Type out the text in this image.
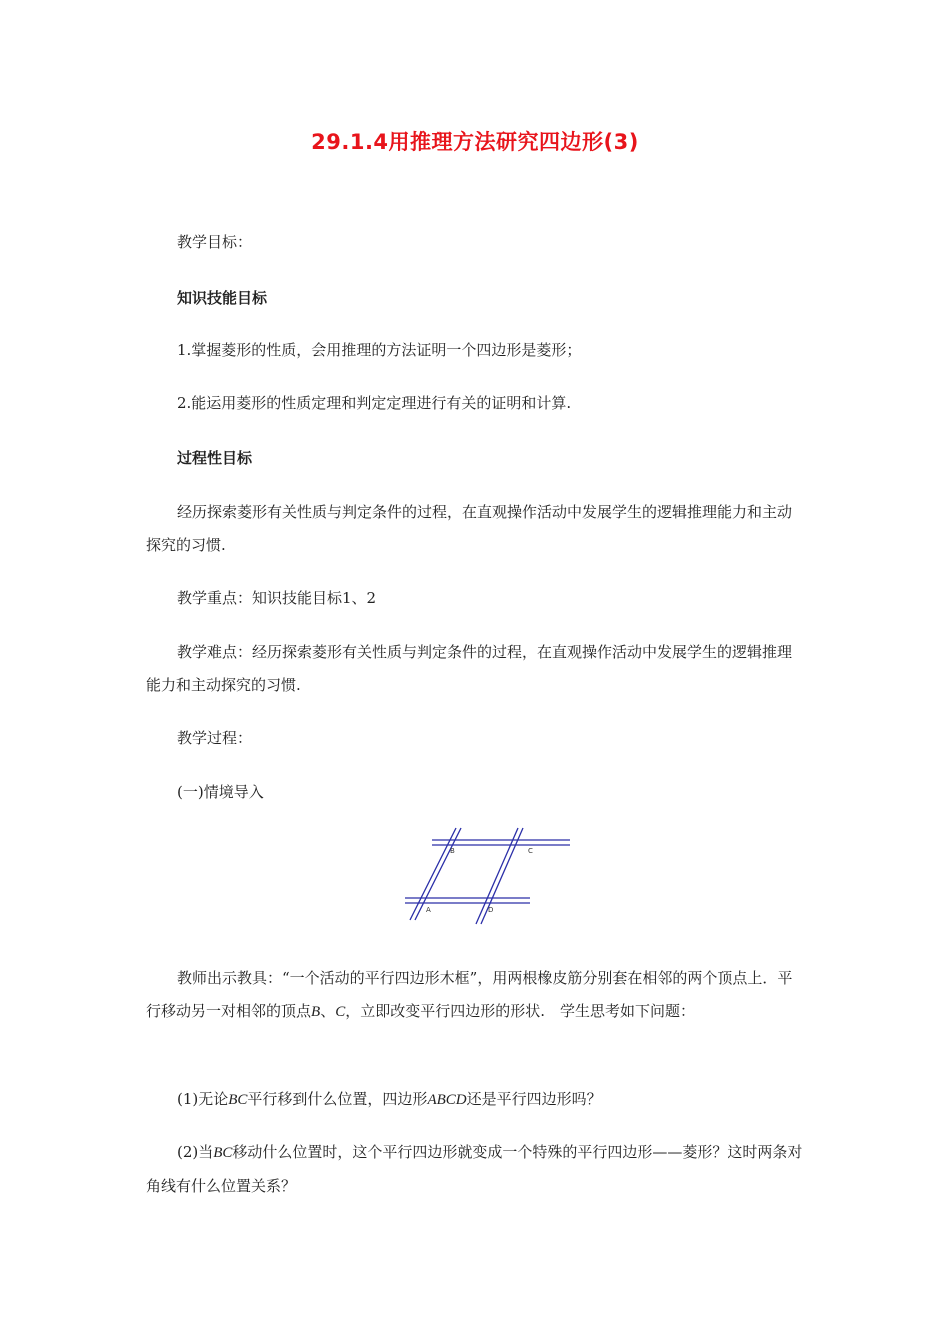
29.1.4用推理方法研究四边形(3)
教学目标：
知识技能目标
1.掌握菱形的性质，会用推理的方法证明一个四边形是菱形；
2.能运用菱形的性质定理和判定定理进行有关的证明和计算.
过程性目标
经历探索菱形有关性质与判定条件的过程，在直观操作活动中发展学生的逻辑推理能力和主动探究的习惯.
教学重点：知识技能目标1、2
教学难点：经历探索菱形有关性质与判定条件的过程，在直观操作活动中发展学生的逻辑推理能力和主动探究的习惯.
教学过程：
(一)情境导入
B	C
A	D
教师出示教具：“一个活动的平行四边形木框”，用两根橡皮筋分别套在相邻的两个顶点上．平行移动另一对相邻的顶点B、C，立即改变平行四边形的形状.　学生思考如下问题：
(1)无论BC平行移到什么位置，四边形ABCD还是平行四边形吗？
(2)当BC移动什么位置时，这个平行四边形就变成一个特殊的平行四边形——菱形？这时两条对角线有什么位置关系？
